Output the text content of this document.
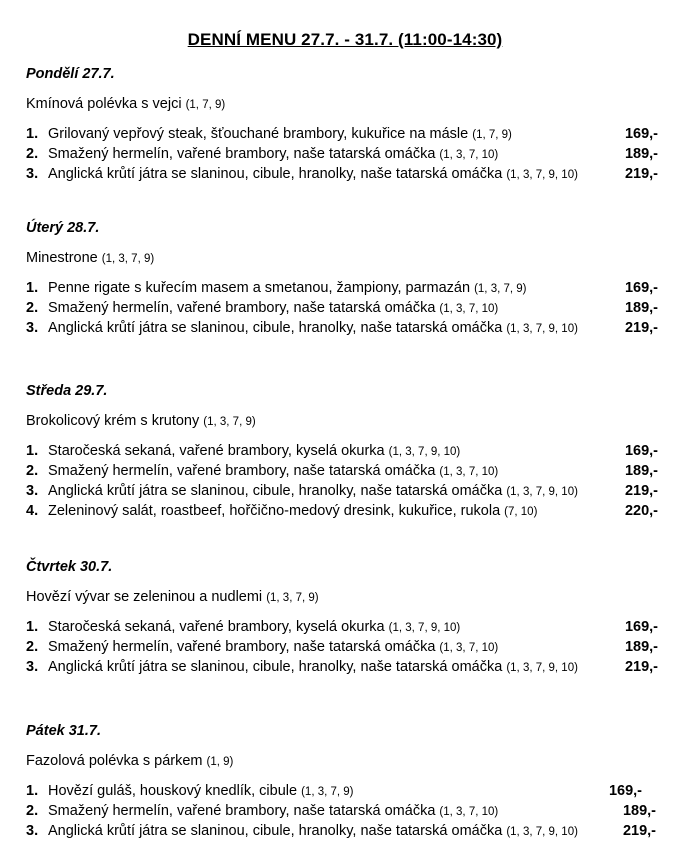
DENNÍ MENU 27.7. - 31.7. (11:00-14:30)
Pondělí 27.7.
Kmínová polévka s vejci (1, 7, 9)
1. Grilovaný vepřový steak, šťouchané brambory, kukuřice na másle (1, 7, 9)	169,-
2. Smažený hermelín, vařené brambory, naše tatarská omáčka (1, 3, 7, 10)	189,-
3. Anglická krůtí játra se slaninou, cibule, hranolky, naše tatarská omáčka (1, 3, 7, 9, 10)	219,-
Úterý 28.7.
Minestrone (1, 3, 7, 9)
1. Penne rigate s kuřecím masem a smetanou, žampiony, parmazán (1, 3, 7, 9)	169,-
2. Smažený hermelín, vařené brambory, naše tatarská omáčka (1, 3, 7, 10)	189,-
3. Anglická krůtí játra se slaninou, cibule, hranolky, naše tatarská omáčka (1, 3, 7, 9, 10)	219,-
Středa 29.7.
Brokolicový krém s krutony (1, 3, 7, 9)
1. Staročeská sekaná, vařené brambory, kyselá okurka (1, 3, 7, 9, 10)	169,-
2. Smažený hermelín, vařené brambory, naše tatarská omáčka (1, 3, 7, 10)	189,-
3. Anglická krůtí játra se slaninou, cibule, hranolky, naše tatarská omáčka (1, 3, 7, 9, 10)	219,-
4. Zeleninový salát, roastbeef, hořčično-medový dresink, kukuřice, rukola (7, 10)	220,-
Čtvrtek 30.7.
Hovězí vývar se zeleninou a nudlemi (1, 3, 7, 9)
1. Staročeská sekaná, vařené brambory, kyselá okurka (1, 3, 7, 9, 10)	169,-
2. Smažený hermelín, vařené brambory, naše tatarská omáčka (1, 3, 7, 10)	189,-
3. Anglická krůtí játra se slaninou, cibule, hranolky, naše tatarská omáčka (1, 3, 7, 9, 10)	219,-
Pátek 31.7.
Fazolová polévka s párkem (1, 9)
1. Hovězí guláš, houskový knedlík, cibule (1, 3, 7, 9)	169,-
2. Smažený hermelín, vařené brambory, naše tatarská omáčka (1, 3, 7, 10)	189,-
3. Anglická krůtí játra se slaninou, cibule, hranolky, naše tatarská omáčka (1, 3, 7, 9, 10)	219,-
